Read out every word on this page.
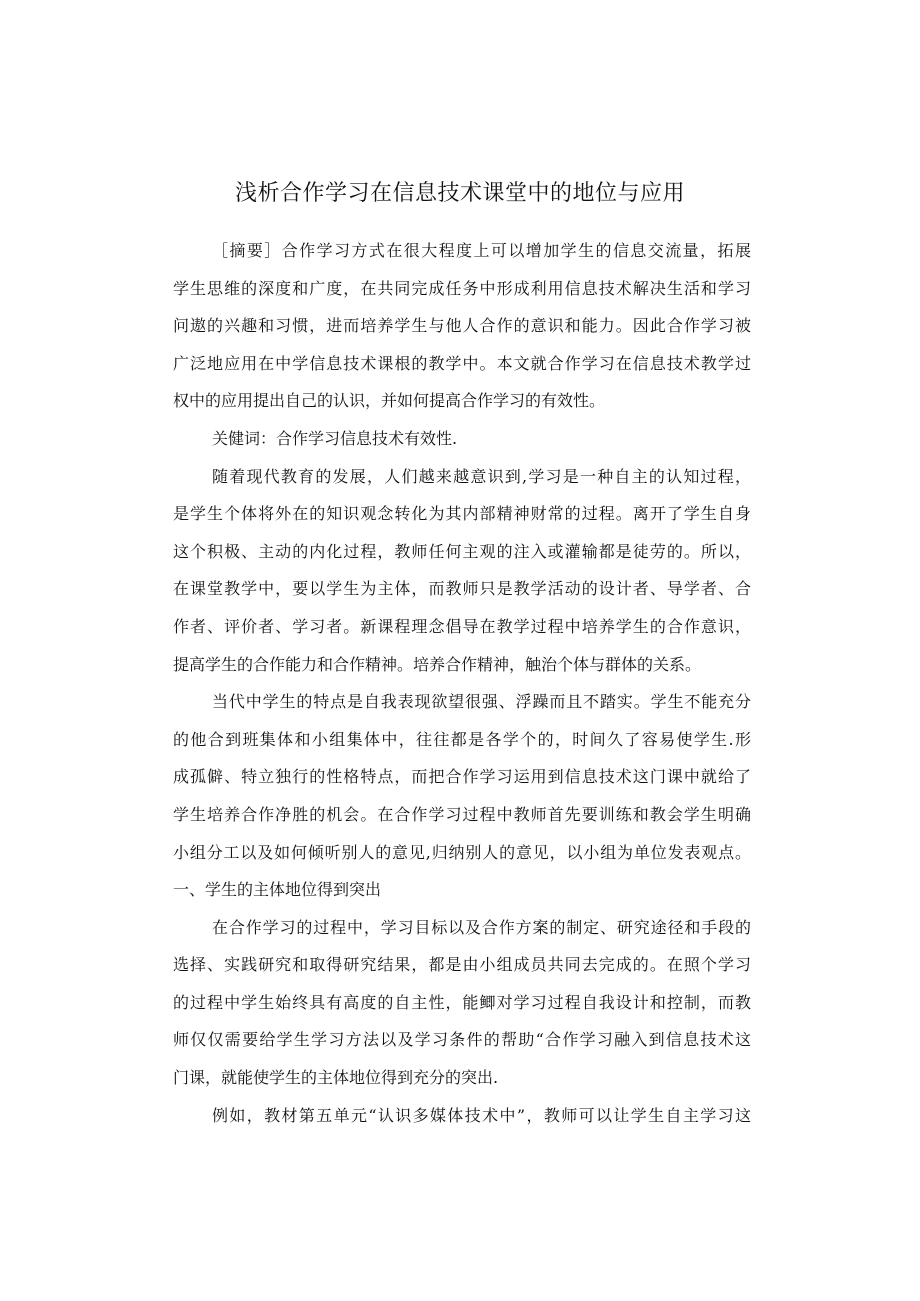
浅析合作学习在信息技术课堂中的地位与应用
［摘要］合作学习方式在很大程度上可以增加学生的信息交流量，拓展
学生思维的深度和广度，在共同完成任务中形成利用信息技术解决生活和学习
问遨的兴趣和习惯，进而培养学生与他人合作的意识和能力。因此合作学习被
广泛地应用在中学信息技术课根的教学中。本文就合作学习在信息技术教学过
权中的应用提出自己的认识，并如何提高合作学习的有效性。
关健词：合作学习信息技术有效性.
随着现代教育的发展，人们越来越意识到,学习是一种自主的认知过程，
是学生个体将外在的知识观念转化为其内部精神财常的过程。离开了学生自身
这个积极、主动的内化过程，教师任何主观的注入或灌输都是徒劳的。所以，
在课堂教学中，要以学生为主体，而教师只是教学活动的设计者、导学者、合
作者、评价者、学习者。新课程理念倡导在教学过程中培养学生的合作意识，
提高学生的合作能力和合作精神。培养合作精神，触治个体与群体的关系。
当代中学生的特点是自我表现欲望很强、浮躁而且不踏实。学生不能充分
的他合到班集体和小组集体中，往往都是各学个的，时间久了容易使学生.形
成孤僻、特立独行的性格特点，而把合作学习运用到信息技术这门课中就给了
学生培养合作净胜的机会。在合作学习过程中教师首先要训练和教会学生明确
小组分工以及如何倾听别人的意见,归纳别人的意见，以小组为单位发表观点。
一、学生的主体地位得到突出
在合作学习的过程中，学习目标以及合作方案的制定、研究途径和手段的
选择、实践研究和取得研究结果，都是由小组成员共同去完成的。在照个学习
的过程中学生始终具有高度的自主性，能鲫对学习过程自我设计和控制，而教
师仅仅需要给学生学习方法以及学习条件的帮助“合作学习融入到信息技术这
门课，就能使学生的主体地位得到充分的突出.
例如，教材第五单元“认识多媒体技术中”，教师可以让学生自主学习这
